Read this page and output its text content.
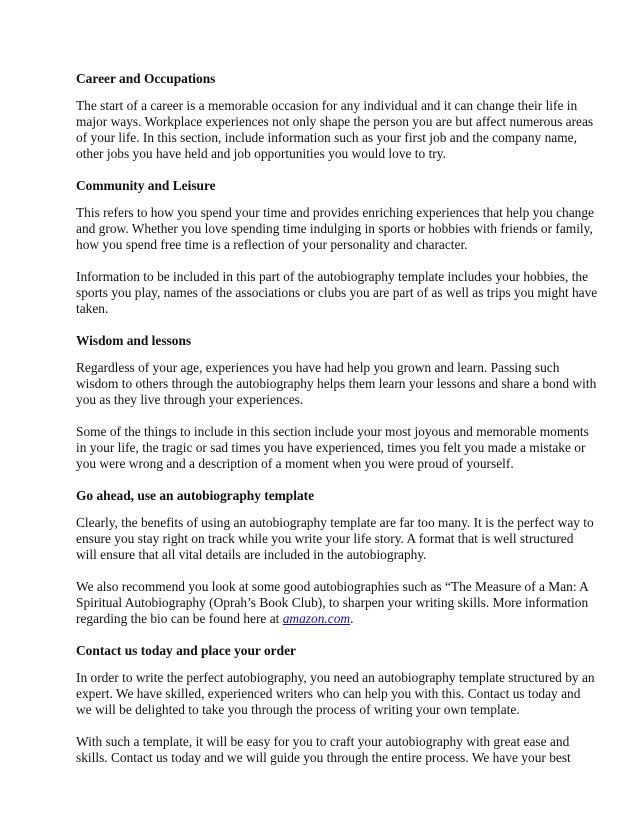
Career and Occupations
The start of a career is a memorable occasion for any individual and it can change their life in
major ways. Workplace experiences not only shape the person you are but affect numerous areas
of your life. In this section, include information such as your first job and the company name,
other jobs you have held and job opportunities you would love to try.
Community and Leisure
This refers to how you spend your time and provides enriching experiences that help you change
and grow. Whether you love spending time indulging in sports or hobbies with friends or family,
how you spend free time is a reflection of your personality and character.
Information to be included in this part of the autobiography template includes your hobbies, the
sports you play, names of the associations or clubs you are part of as well as trips you might have
taken.
Wisdom and lessons
Regardless of your age, experiences you have had help you grown and learn. Passing such
wisdom to others through the autobiography helps them learn your lessons and share a bond with
you as they live through your experiences.
Some of the things to include in this section include your most joyous and memorable moments
in your life, the tragic or sad times you have experienced, times you felt you made a mistake or
you were wrong and a description of a moment when you were proud of yourself.
Go ahead, use an autobiography template
Clearly, the benefits of using an autobiography template are far too many. It is the perfect way to
ensure you stay right on track while you write your life story. A format that is well structured
will ensure that all vital details are included in the autobiography.
We also recommend you look at some good autobiographies such as “The Measure of a Man: A
Spiritual Autobiography (Oprah’s Book Club), to sharpen your writing skills. More information
regarding the bio can be found here at amazon.com.
Contact us today and place your order
In order to write the perfect autobiography, you need an autobiography template structured by an
expert. We have skilled, experienced writers who can help you with this. Contact us today and
we will be delighted to take you through the process of writing your own template.
With such a template, it will be easy for you to craft your autobiography with great ease and
skills. Contact us today and we will guide you through the entire process. We have your best
